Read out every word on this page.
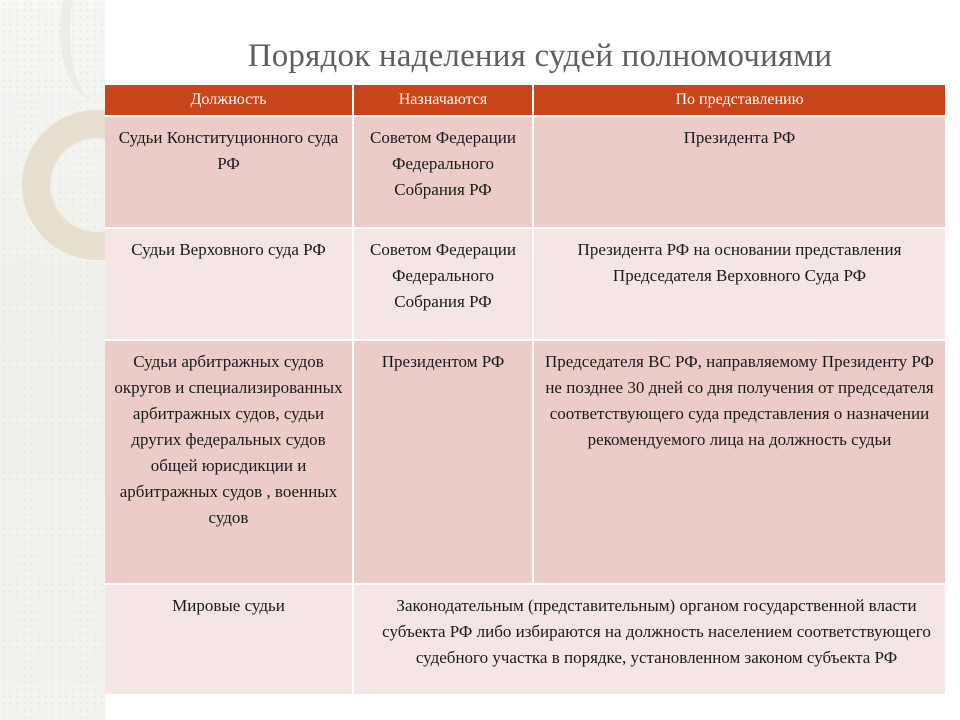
Порядок наделения судей полномочиями
Должность	Назначаются	По представлению
Судьи Конституционного суда РФ	Советом Федерации Федерального Собрания РФ	Президента РФ
Судьи Верховного суда РФ	Советом Федерации Федерального Собрания РФ	Президента РФ на основании представления Председателя Верховного Суда РФ
Судьи арбитражных судов округов и специализированных арбитражных судов, судьи других федеральных судов общей юрисдикции и арбитражных судов , военных судов	Президентом РФ	Председателя ВС РФ, направляемому Президенту РФ не позднее 30 дней со дня получения от председателя соответствующего суда представления о назначении рекомендуемого лица на должность судьи
Мировые судьи	Законодательным (представительным) органом государственной власти субъекта РФ либо избираются на должность населением соответствующего судебного участка в порядке, установленном законом субъекта РФ	
